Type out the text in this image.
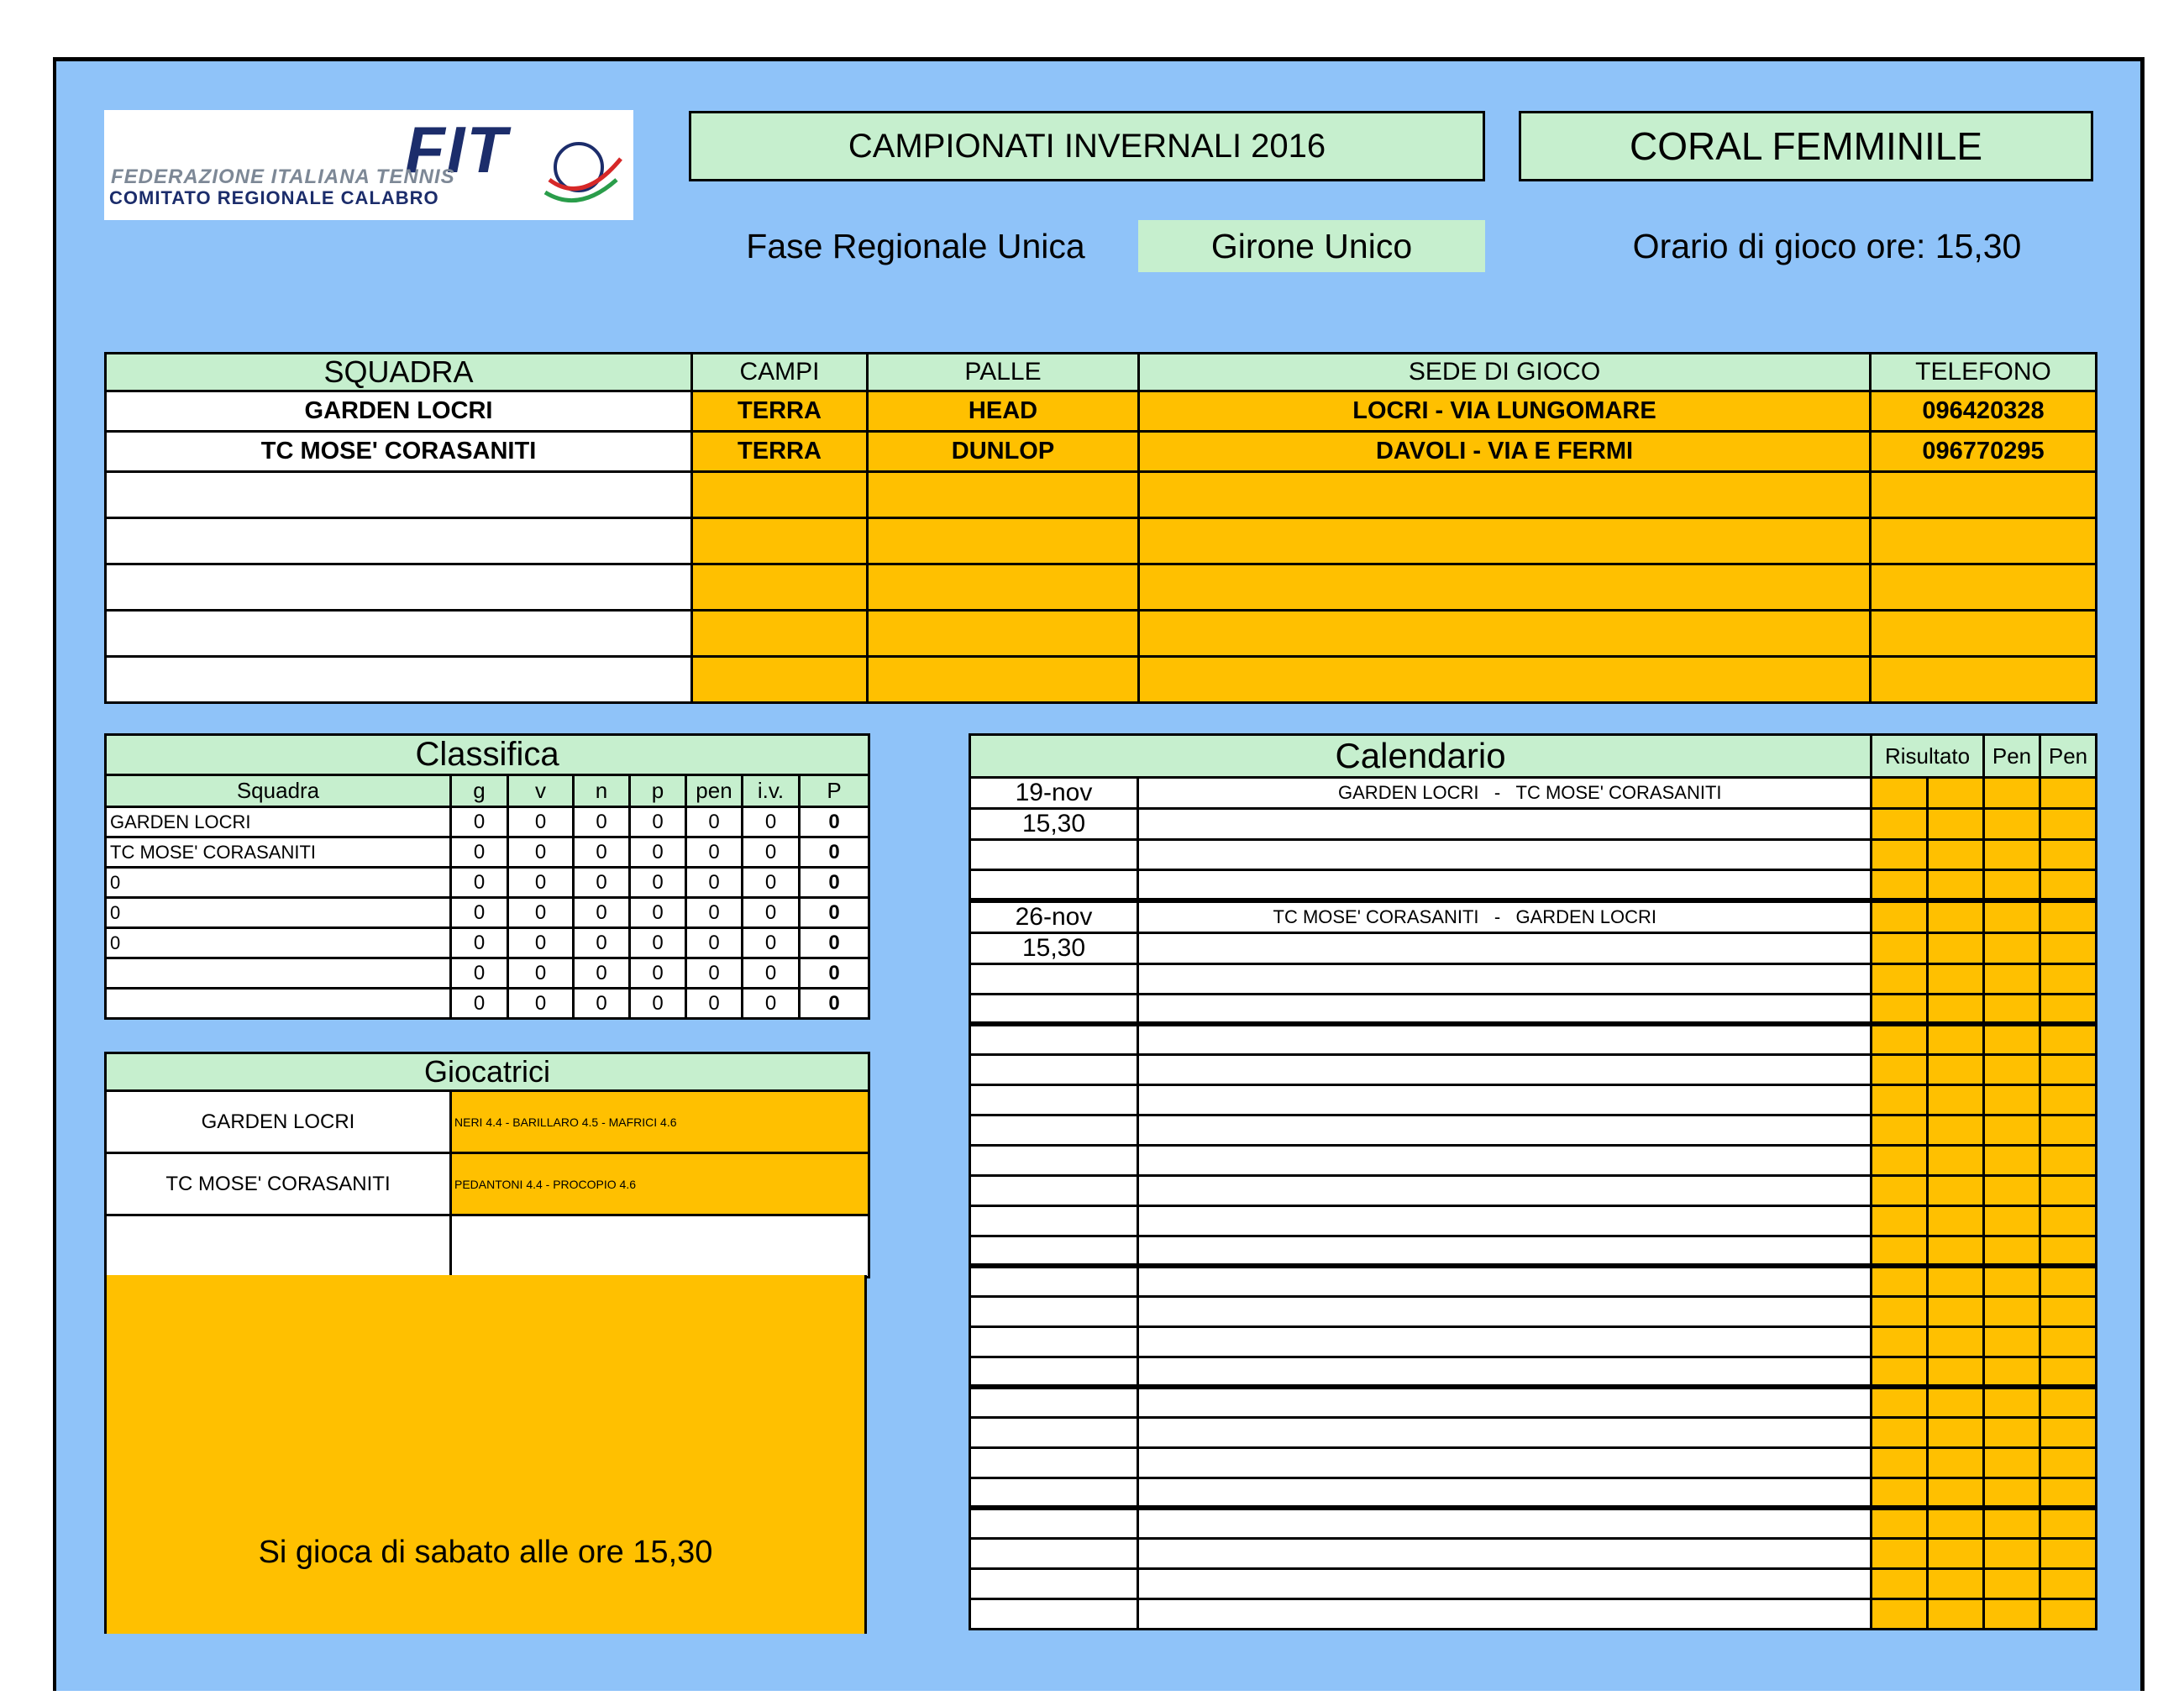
FIT
FEDERAZIONE ITALIANA TENNIS
COMITATO REGIONALE CALABRO
CAMPIONATI INVERNALI 2016	CORAL FEMMINILE
Fase Regionale Unica	Girone Unico	Orario di gioco ore: 15,30
SQUADRA	CAMPI	PALLE	SEDE DI GIOCO	TELEFONO
GARDEN LOCRI	TERRA	HEAD	LOCRI - VIA LUNGOMARE	096420328
TC MOSE' CORASANITI	TERRA	DUNLOP	DAVOLI - VIA E FERMI	096770295

Classifica							
Squadra	g	v	n	p	pen	i.v.	P
GARDEN LOCRI	0	0	0	0	0	0	0
TC MOSE' CORASANITI	0	0	0	0	0	0	0
0	0	0	0	0	0	0	0
0	0	0	0	0	0	0	0
0	0	0	0	0	0	0	0
	0	0	0	0	0	0	0
	0	0	0	0	0	0	0
Giocatrici	
GARDEN LOCRI	NERI 4.4 - BARILLARO 4.5 - MAFRICI 4.6
TC MOSE' CORASANITI	PEDANTONI 4.4 - PROCOPIO 4.6

Si gioca di sabato alle ore 15,30
Calendario				Risultato		Pen	Pen
19-nov	GARDEN LOCRI	-	TC MOSE' CORASANITI				
15,30							

26-nov	TC MOSE' CORASANITI	-	GARDEN LOCRI				
15,30							
